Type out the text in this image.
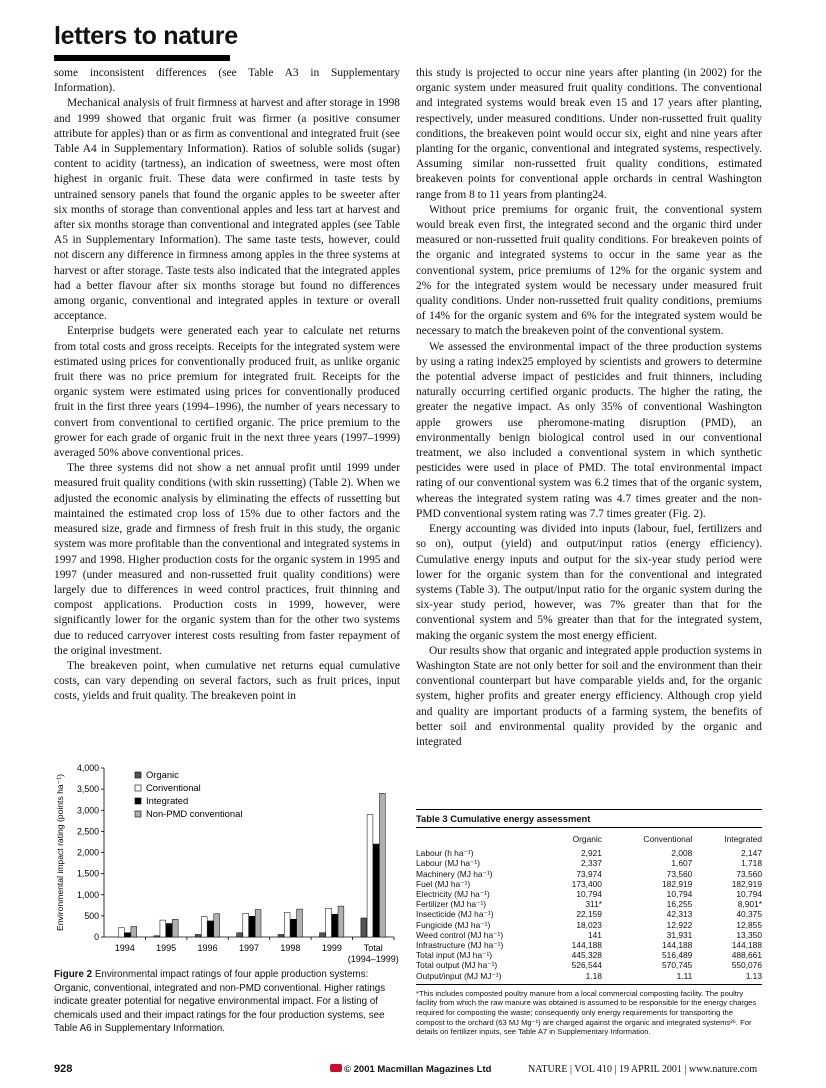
letters to nature

some inconsistent differences (see Table A3 in Supplementary Information).

Mechanical analysis of fruit firmness at harvest and after storage in 1998 and 1999 showed that organic fruit was firmer (a positive consumer attribute for apples) than or as firm as conventional and integrated fruit (see Table A4 in Supplementary Information). Ratios of soluble solids (sugar) content to acidity (tartness), an indication of sweetness, were most often highest in organic fruit. These data were confirmed in taste tests by untrained sensory panels that found the organic apples to be sweeter after six months of storage than conventional apples and less tart at harvest and after six months storage than conventional and integrated apples (see Table A5 in Supplementary Information). The same taste tests, however, could not discern any difference in firmness among apples in the three systems at harvest or after storage. Taste tests also indicated that the integrated apples had a better flavour after six months storage but found no differences among organic, conventional and integrated apples in texture or overall acceptance.

Enterprise budgets were generated each year to calculate net returns from total costs and gross receipts. Receipts for the integrated system were estimated using prices for conventionally produced fruit, as unlike organic fruit there was no price premium for integrated fruit. Receipts for the organic system were estimated using prices for conventionally produced fruit in the first three years (1994–1996), the number of years necessary to convert from conventional to certified organic. The price premium to the grower for each grade of organic fruit in the next three years (1997–1999) averaged 50% above conventional prices.

The three systems did not show a net annual profit until 1999 under measured fruit quality conditions (with skin russetting) (Table 2). When we adjusted the economic analysis by eliminating the effects of russetting but maintained the estimated crop loss of 15% due to other factors and the measured size, grade and firmness of fresh fruit in this study, the organic system was more profitable than the conventional and integrated systems in 1997 and 1998. Higher production costs for the organic system in 1995 and 1997 (under measured and non-russetted fruit quality conditions) were largely due to differences in weed control practices, fruit thinning and compost applications. Production costs in 1999, however, were significantly lower for the organic system than for the other two systems due to reduced carryover interest costs resulting from faster repayment of the original investment.

The breakeven point, when cumulative net returns equal cumulative costs, can vary depending on several factors, such as fruit prices, input costs, yields and fruit quality. The breakeven point in

this study is projected to occur nine years after planting (in 2002) for the organic system under measured fruit quality conditions. The conventional and integrated systems would break even 15 and 17 years after planting, respectively, under measured conditions. Under non-russetted fruit quality conditions, the breakeven point would occur six, eight and nine years after planting for the organic, conventional and integrated systems, respectively. Assuming similar non-russetted fruit quality conditions, estimated breakeven points for conventional apple orchards in central Washington range from 8 to 11 years from planting24.

Without price premiums for organic fruit, the conventional system would break even first, the integrated second and the organic third under measured or non-russetted fruit quality conditions. For breakeven points of the organic and integrated systems to occur in the same year as the conventional system, price premiums of 12% for the organic system and 2% for the integrated system would be necessary under measured fruit quality conditions. Under non-russetted fruit quality conditions, premiums of 14% for the organic system and 6% for the integrated system would be necessary to match the breakeven point of the conventional system.

We assessed the environmental impact of the three production systems by using a rating index25 employed by scientists and growers to determine the potential adverse impact of pesticides and fruit thinners, including naturally occurring certified organic products. The higher the rating, the greater the negative impact. As only 35% of conventional Washington apple growers use pheromone-mating disruption (PMD), an environmentally benign biological control used in our conventional treatment, we also included a conventional system in which synthetic pesticides were used in place of PMD. The total environmental impact rating of our conventional system was 6.2 times that of the organic system, whereas the integrated system rating was 4.7 times greater and the non-PMD conventional system rating was 7.7 times greater (Fig. 2).

Energy accounting was divided into inputs (labour, fuel, fertilizers and so on), output (yield) and output/input ratios (energy efficiency). Cumulative energy inputs and output for the six-year study period were lower for the organic system than for the conventional and integrated systems (Table 3). The output/input ratio for the organic system during the six-year study period, however, was 7% greater than that for the conventional system and 5% greater than that for the integrated system, making the organic system the most energy efficient.

Our results show that organic and integrated apple production systems in Washington State are not only better for soil and the environment than their conventional counterpart but have comparable yields and, for the organic system, higher profits and greater energy efficiency. Although crop yield and quality are important products of a farming system, the benefits of better soil and environmental quality provided by the organic and integrated

Environmental impact rating (points ha⁻¹)
0
500
1,000
1,500
2,000
2,500
3,000
3,500
4,000
1994 1995 1996 1997 1998 1999 Total
(1994–1999)
Organic
Conventional
Integrated
Non-PMD conventional
Figure 2 Environmental impact ratings of four apple production systems: Organic, conventional, integrated and non-PMD conventional. Higher ratings indicate greater potential for negative environmental impact. For a listing of chemicals used and their impact ratings for the four production systems, see Table A6 in Supplementary Information.
Table 3 Cumulative energy assessment
	Organic	Conventional	Integrated
Labour (h ha⁻¹)	2,921	2,008	2,147
Labour (MJ ha⁻¹)	2,337	1,607	1,718
Machinery (MJ ha⁻¹)	73,974	73,560	73,560
Fuel (MJ ha⁻¹)	173,400	182,919	182,919
Electricity (MJ ha⁻¹)	10,794	10,794	10,794
Fertilizer (MJ ha⁻¹)	311*	16,255	8,901*
Insecticide (MJ ha⁻¹)	22,159	42,313	40,375
Fungicide (MJ ha⁻¹)	18,023	12,922	12,855
Weed control (MJ ha⁻¹)	141	31,931	13,350
Infrastructure (MJ ha⁻¹)	144,188	144,188	144,188
Total input (MJ ha⁻¹)	445,328	516,489	488,661
Total output (MJ ha⁻¹)	526,544	570,745	550,076
Output/input (MJ MJ⁻¹)	1.18	1.11	1.13
*This includes composted poultry manure from a local commercial composting facility. The poultry facility from which the raw manure was obtained is assumed to be responsible for the energy charges required for composting the waste; consequently only energy requirements for transporting the compost to the orchard (63 MJ Mg⁻¹) are charged against the organic and integrated systems²⁶. For details on fertilizer inputs, see Table A7 in Supplementary Information.
928	© 2001 Macmillan Magazines Ltd	NATURE | VOL 410 | 19 APRIL 2001 | www.nature.com
